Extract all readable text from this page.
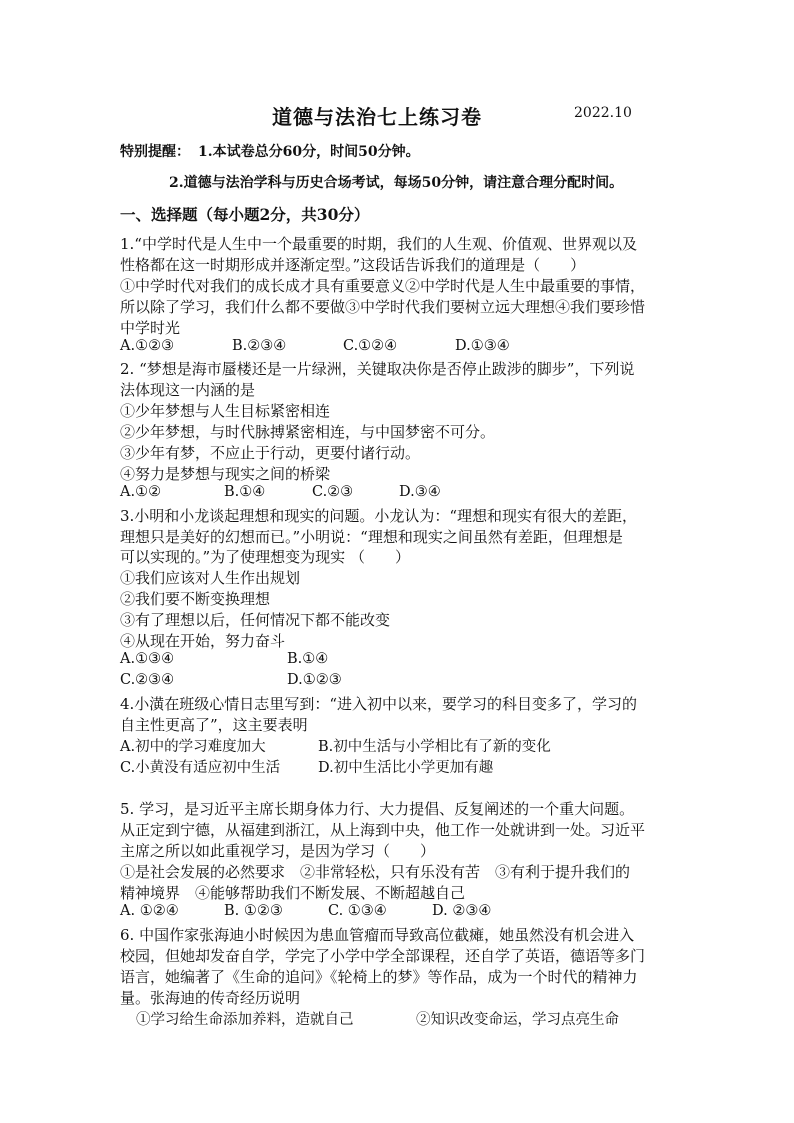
道德与法治七上练习卷	2022.10
特别提醒： 1.本试卷总分60分，时间50分钟。
2.道德与法治学科与历史合场考试，每场50分钟，请注意合理分配时间。
一、选择题（每小题2分，共30分）
1.“中学时代是人生中一个最重要的时期，我们的人生观、价值观、世界观以及
性格都在这一时期形成并逐渐定型。”这段话告诉我们的道理是（　　）
①中学时代对我们的成长成才具有重要意义②中学时代是人生中最重要的事情，
所以除了学习，我们什么都不要做③中学时代我们要树立远大理想④我们要珍惜
中学时光
A.①②③	B.②③④	C.①②④	D.①③④
2. “梦想是海市蜃楼还是一片绿洲，关键取决你是否停止跋涉的脚步”，下列说
法体现这一内涵的是
①少年梦想与人生目标紧密相连
②少年梦想，与时代脉搏紧密相连，与中国梦密不可分。
③少年有梦，不应止于行动，更要付诸行动。
④努力是梦想与现实之间的桥梁
A.①②	B.①④	C.②③	D.③④
3.小明和小龙谈起理想和现实的问题。小龙认为：“理想和现实有很大的差距，
理想只是美好的幻想而已。”小明说：“理想和现实之间虽然有差距，但理想是
可以实现的。”为了使理想变为现实 （　　）
①我们应该对人生作出规划
②我们要不断变换理想
③有了理想以后，任何情况下都不能改变
④从现在开始，努力奋斗
A.①③④	B.①④
C.②③④	D.①②③
4.小潢在班级心情日志里写到：“进入初中以来，要学习的科目变多了，学习的
自主性更高了”，这主要表明
A.初中的学习难度加大	B.初中生活与小学相比有了新的变化
C.小黄没有适应初中生活	D.初中生活比小学更加有趣
5. 学习，是习近平主席长期身体力行、大力提倡、反复阐述的一个重大问题。
从正定到宁德，从福建到浙江，从上海到中央，他工作一处就讲到一处。习近平
主席之所以如此重视学习，是因为学习（　　）
①是社会发展的必然要求　②非常轻松，只有乐没有苦　③有利于提升我们的
精神境界　④能够帮助我们不断发展、不断超越自己
A. ①②④	B. ①②③	C. ①③④	D. ②③④
6. 中国作家张海迪小时候因为患血管瘤而导致高位截瘫，她虽然没有机会进入
校园，但她却发奋自学，学完了小学中学全部课程，还自学了英语，德语等多门
语言，她编著了《生命的追问》《轮椅上的梦》等作品，成为一个时代的精神力
量。张海迪的传奇经历说明
①学习给生命添加养料，造就自己	②知识改变命运，学习点亮生命
